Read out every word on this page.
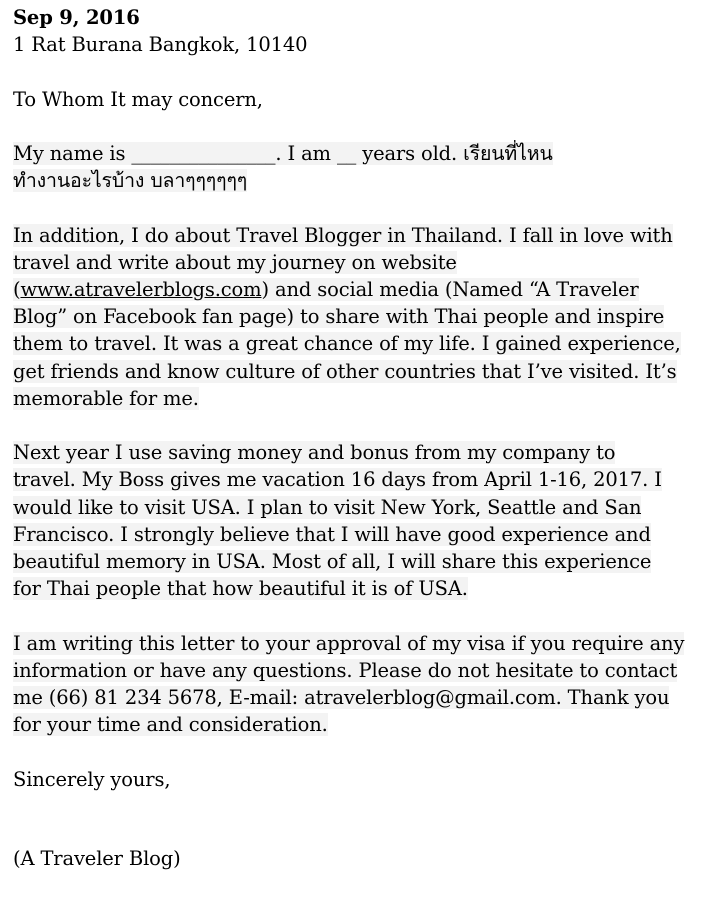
Sep 9, 2016
1 Rat Burana Bangkok, 10140
To Whom It may concern,
My name is _______________. I am __ years old. เรียนที่ไหน
ทำงานอะไรบ้าง บลาๆๆๆๆๆๆ
In addition, I do about Travel Blogger in Thailand. I fall in love with
travel and write about my journey on website
(www.atravelerblogs.com) and social media (Named “A Traveler
Blog” on Facebook fan page) to share with Thai people and inspire
them to travel. It was a great chance of my life. I gained experience,
get friends and know culture of other countries that I’ve visited. It’s
memorable for me.
Next year I use saving money and bonus from my company to
travel. My Boss gives me vacation 16 days from April 1-16, 2017. I
would like to visit USA. I plan to visit New York, Seattle and San
Francisco. I strongly believe that I will have good experience and
beautiful memory in USA. Most of all, I will share this experience
for Thai people that how beautiful it is of USA.
I am writing this letter to your approval of my visa if you require any
information or have any questions. Please do not hesitate to contact
me (66) 81 234 5678, E-mail: atravelerblog@gmail.com. Thank you
for your time and consideration.
Sincerely yours,
(A Traveler Blog)
